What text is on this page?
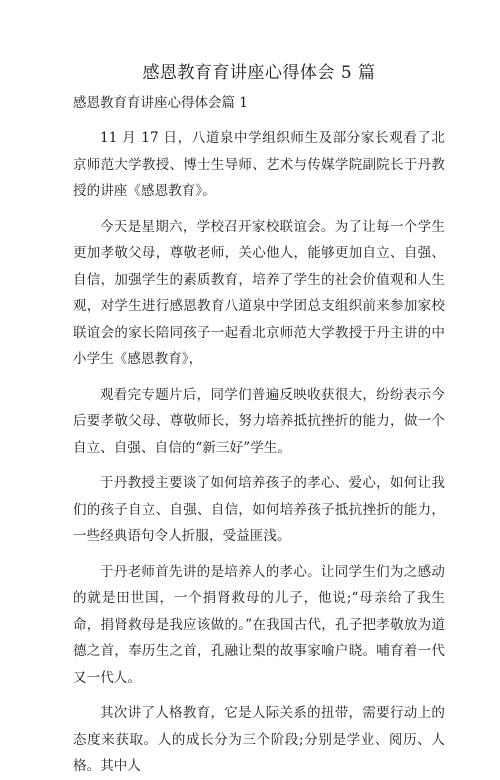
感恩教育育讲座心得体会 5 篇
感恩教育育讲座心得体会篇 1

11 月 17 日，八道泉中学组织师生及部分家长观看了北京师范大学教授、博士生导师、艺术与传媒学院副院长于丹教授的讲座《感恩教育》。

今天是星期六，学校召开家校联谊会。为了让每一个学生更加孝敬父母，尊敬老师，关心他人，能够更加自立、自强、自信，加强学生的素质教育，培养了学生的社会价值观和人生观，对学生进行感恩教育八道泉中学团总支组织前来参加家校联谊会的家长陪同孩子一起看北京师范大学教授于丹主讲的中小学生《感恩教育》，

观看完专题片后，同学们普遍反映收获很大，纷纷表示今后要孝敬父母、尊敬师长，努力培养抵抗挫折的能力，做一个自立、自强、自信的“新三好”学生。

于丹教授主要谈了如何培养孩子的孝心、爱心，如何让我们的孩子自立、自强、自信，如何培养孩子抵抗挫折的能力，一些经典语句令人折服，受益匪浅。

于丹老师首先讲的是培养人的孝心。让同学生们为之感动的就是田世国，一个捐肾救母的儿子，他说;“母亲给了我生命，捐肾救母是我应该做的。”在我国古代，孔子把孝敬放为道德之首，奉历生之首，孔融让梨的故事家喻户晓。哺育着一代又一代人。

其次讲了人格教育，它是人际关系的扭带，需要行动上的态度来获取。人的成长分为三个阶段;分别是学业、阅历、人格。其中人
